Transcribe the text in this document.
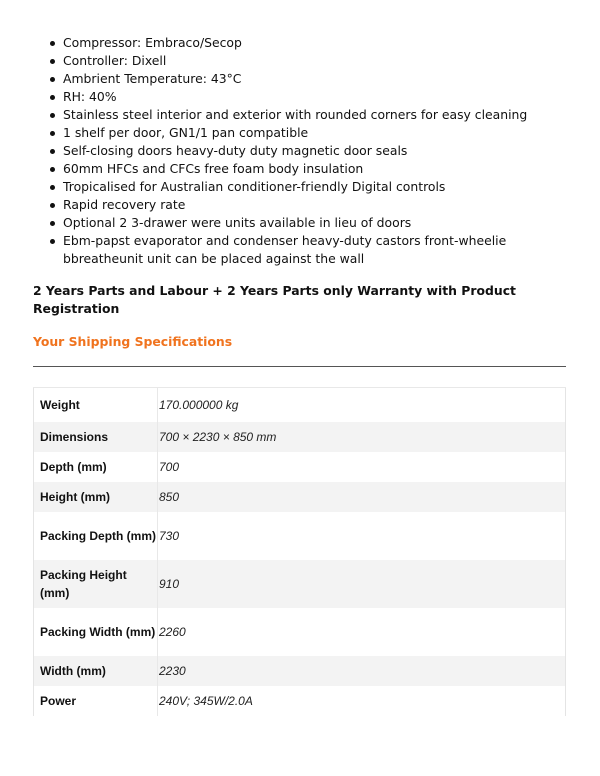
Compressor: Embraco/Secop
Controller: Dixell
Ambrient Temperature: 43°C
RH: 40%
Stainless steel interior and exterior with rounded corners for easy cleaning
1 shelf per door, GN1/1 pan compatible
Self-closing doors heavy-duty duty magnetic door seals
60mm HFCs and CFCs free foam body insulation
Tropicalised for Australian conditioner-friendly Digital controls
Rapid recovery rate
Optional 2 3-drawer were units available in lieu of doors
Ebm-papst evaporator and condenser heavy-duty castors front-wheelie bbreatheunit unit can be placed against the wall

2 Years Parts and Labour + 2 Years Parts only Warranty with Product Registration

Your Shipping Specifications
Weight	170.000000 kg
Dimensions	700 × 2230 × 850 mm
Depth (mm)	700
Height (mm)	850
Packing Depth (mm)	730
Packing Height (mm)	910
Packing Width (mm)	2260
Width (mm)	2230
Power	240V; 345W/2.0A
